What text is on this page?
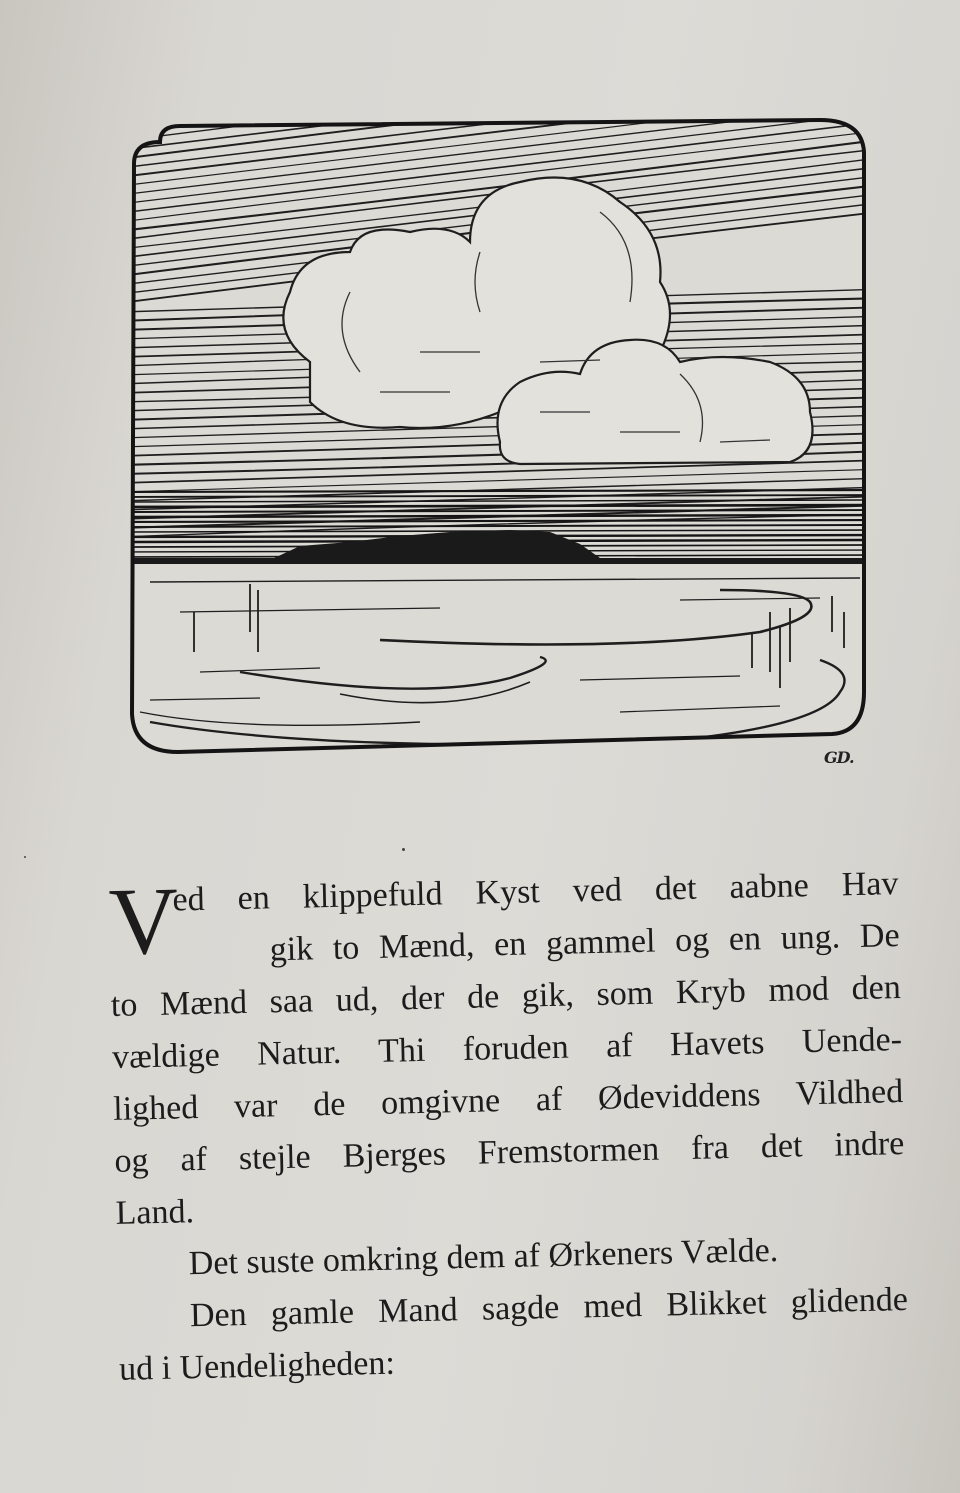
GD.
V
ed en klippefuld Kyst ved det aabne Hav
gik to Mænd, en gammel og en ung. De
to Mænd saa ud, der de gik, som Kryb mod den
vældige Natur. Thi foruden af Havets Uende-
lighed var de omgivne af Ødeviddens Vildhed
og af stejle Bjerges Fremstormen fra det indre
Land.
Det suste omkring dem af Ørkeners Vælde.
Den gamle Mand sagde med Blikket glidende
ud i Uendeligheden:
